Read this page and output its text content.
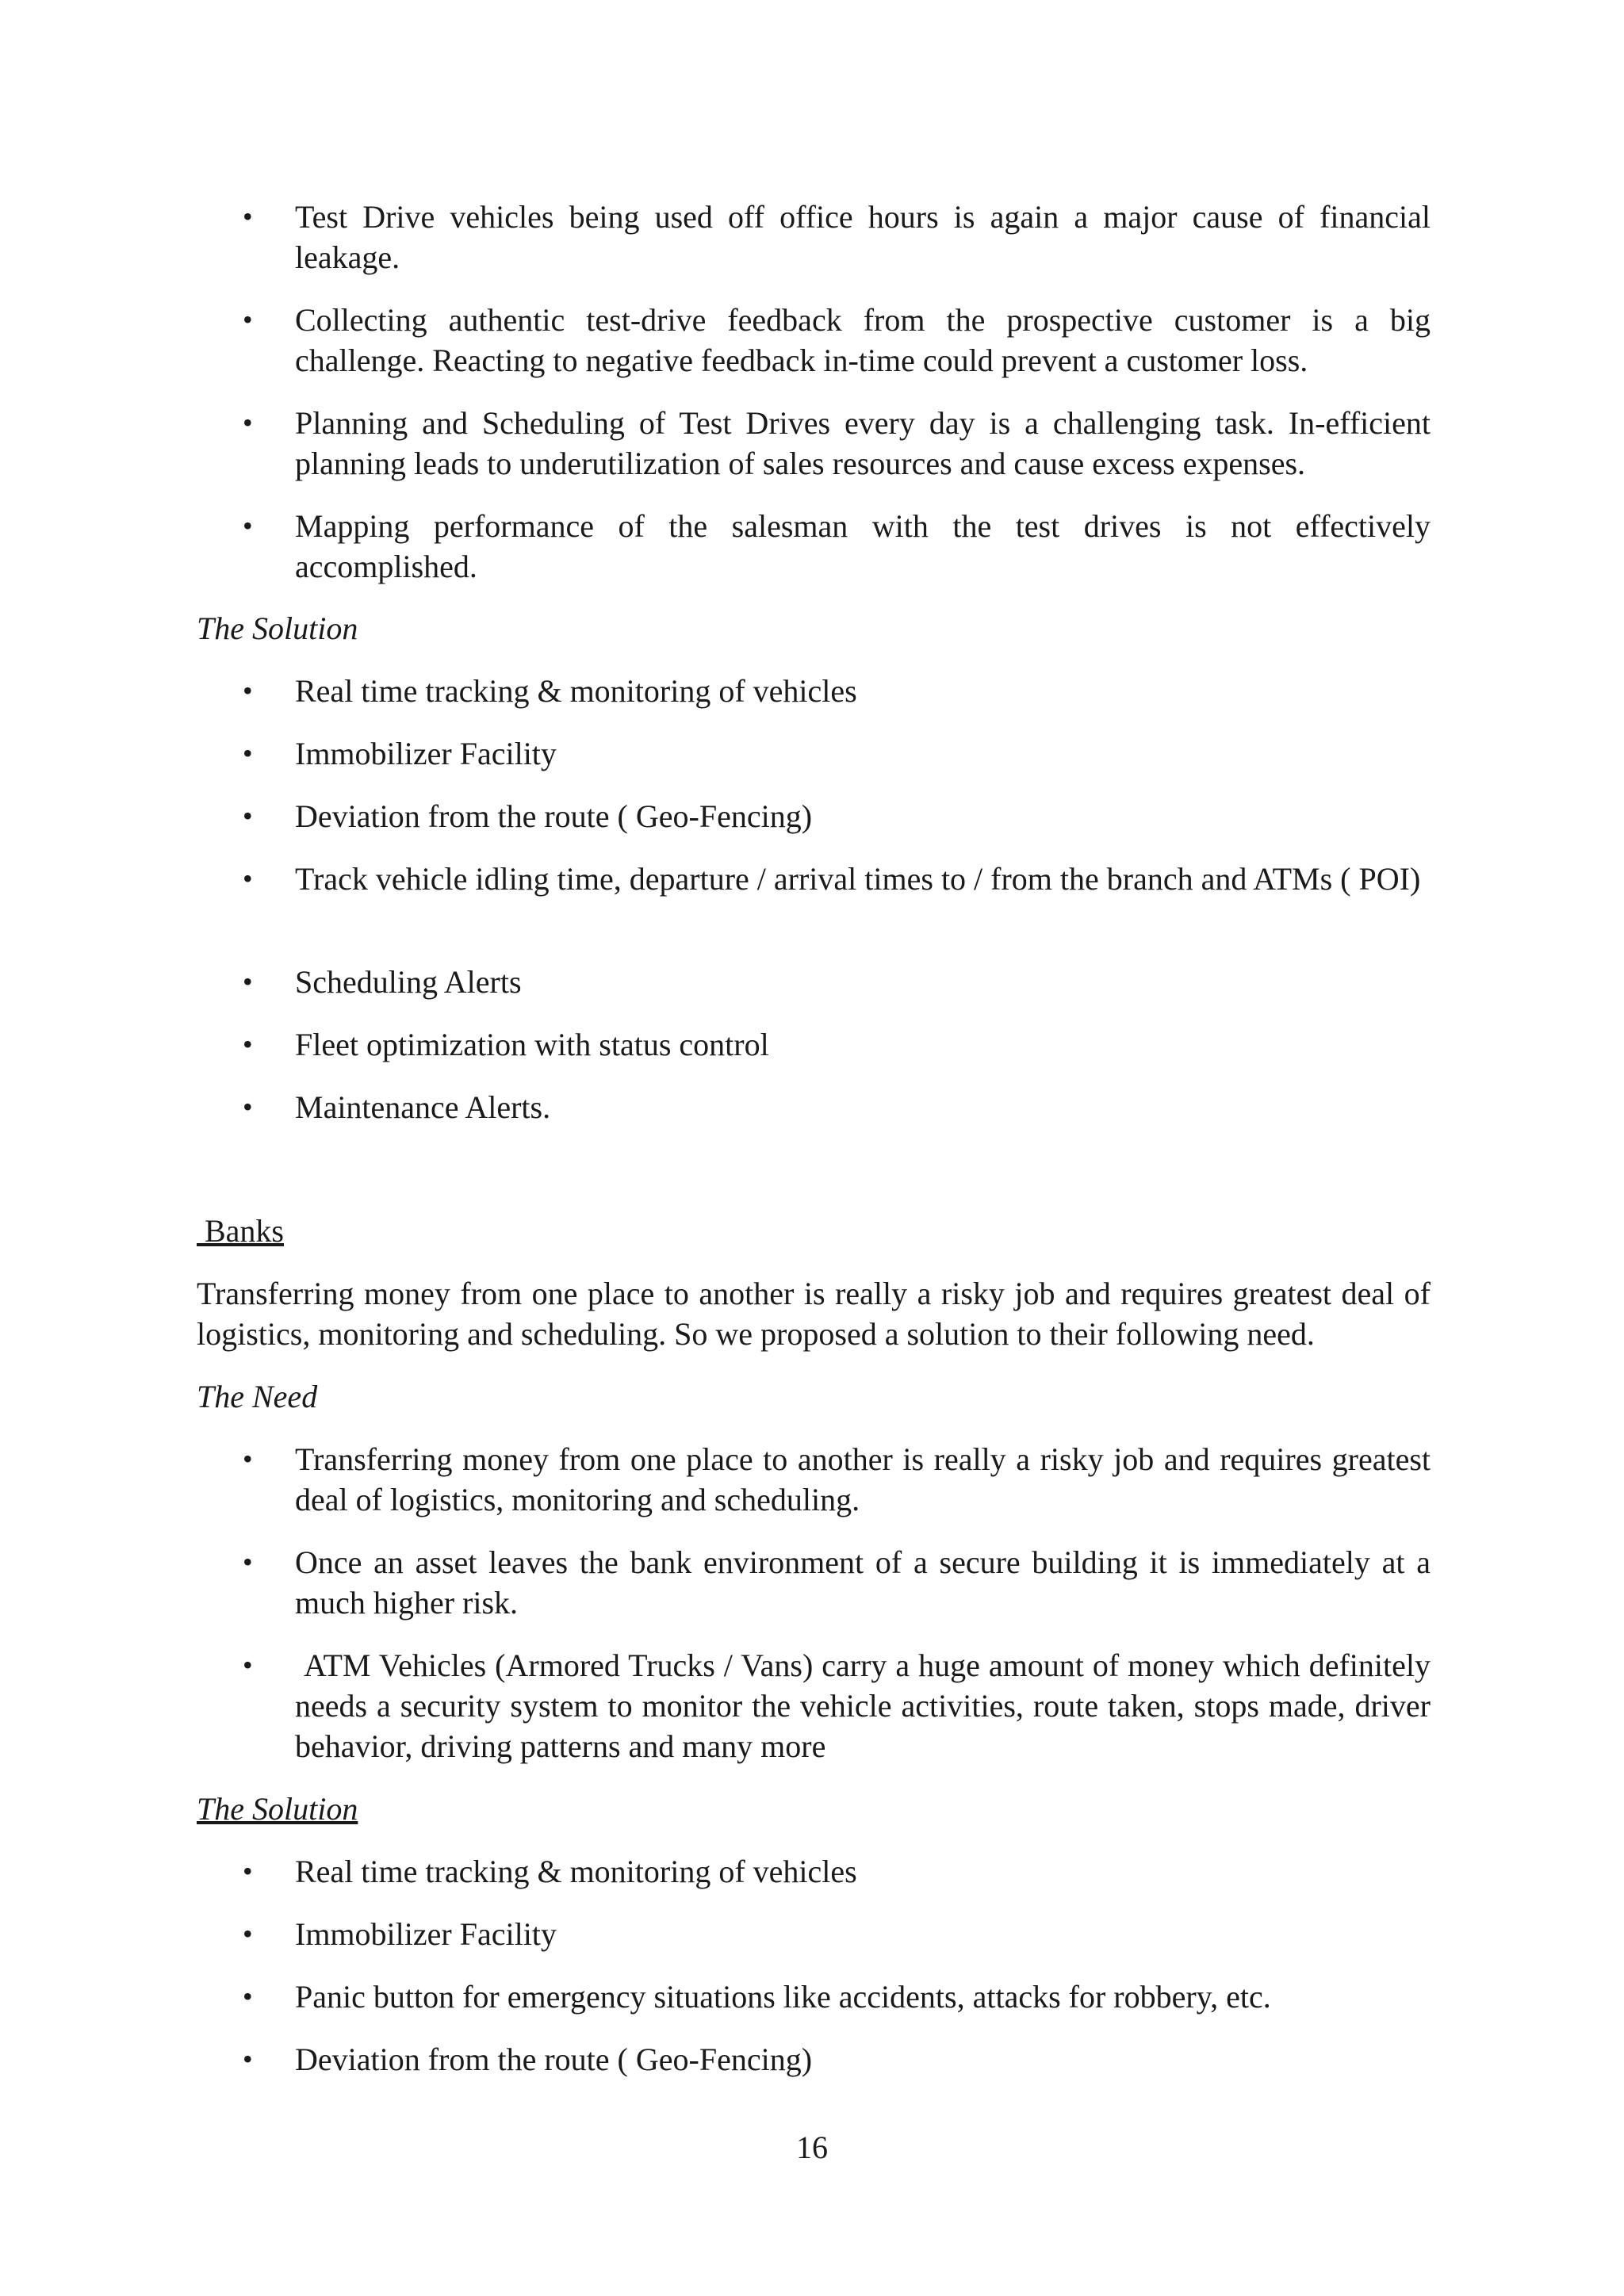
• Test Drive vehicles being used off office hours is again a major cause of financial leakage.
• Collecting authentic test-drive feedback from the prospective customer is a big challenge. Reacting to negative feedback in-time could prevent a customer loss.
• Planning and Scheduling of Test Drives every day is a challenging task. In-efficient planning leads to underutilization of sales resources and cause excess expenses.
• Mapping performance of the salesman with the test drives is not effectively accomplished.
The Solution
• Real time tracking & monitoring of vehicles
• Immobilizer Facility
• Deviation from the route ( Geo-Fencing)
• Track vehicle idling time, departure / arrival times to / from the branch and ATMs ( POI)
• Scheduling Alerts
• Fleet optimization with status control
• Maintenance Alerts.
Banks
Transferring money from one place to another is really a risky job and requires greatest deal of logistics, monitoring and scheduling. So we proposed a solution to their following need.
The Need
• Transferring money from one place to another is really a risky job and requires greatest deal of logistics, monitoring and scheduling.
• Once an asset leaves the bank environment of a secure building it is immediately at a much higher risk.
• ATM Vehicles (Armored Trucks / Vans) carry a huge amount of money which definitely needs a security system to monitor the vehicle activities, route taken, stops made, driver behavior, driving patterns and many more
The Solution
• Real time tracking & monitoring of vehicles
• Immobilizer Facility
• Panic button for emergency situations like accidents, attacks for robbery, etc.
• Deviation from the route ( Geo-Fencing)
16
